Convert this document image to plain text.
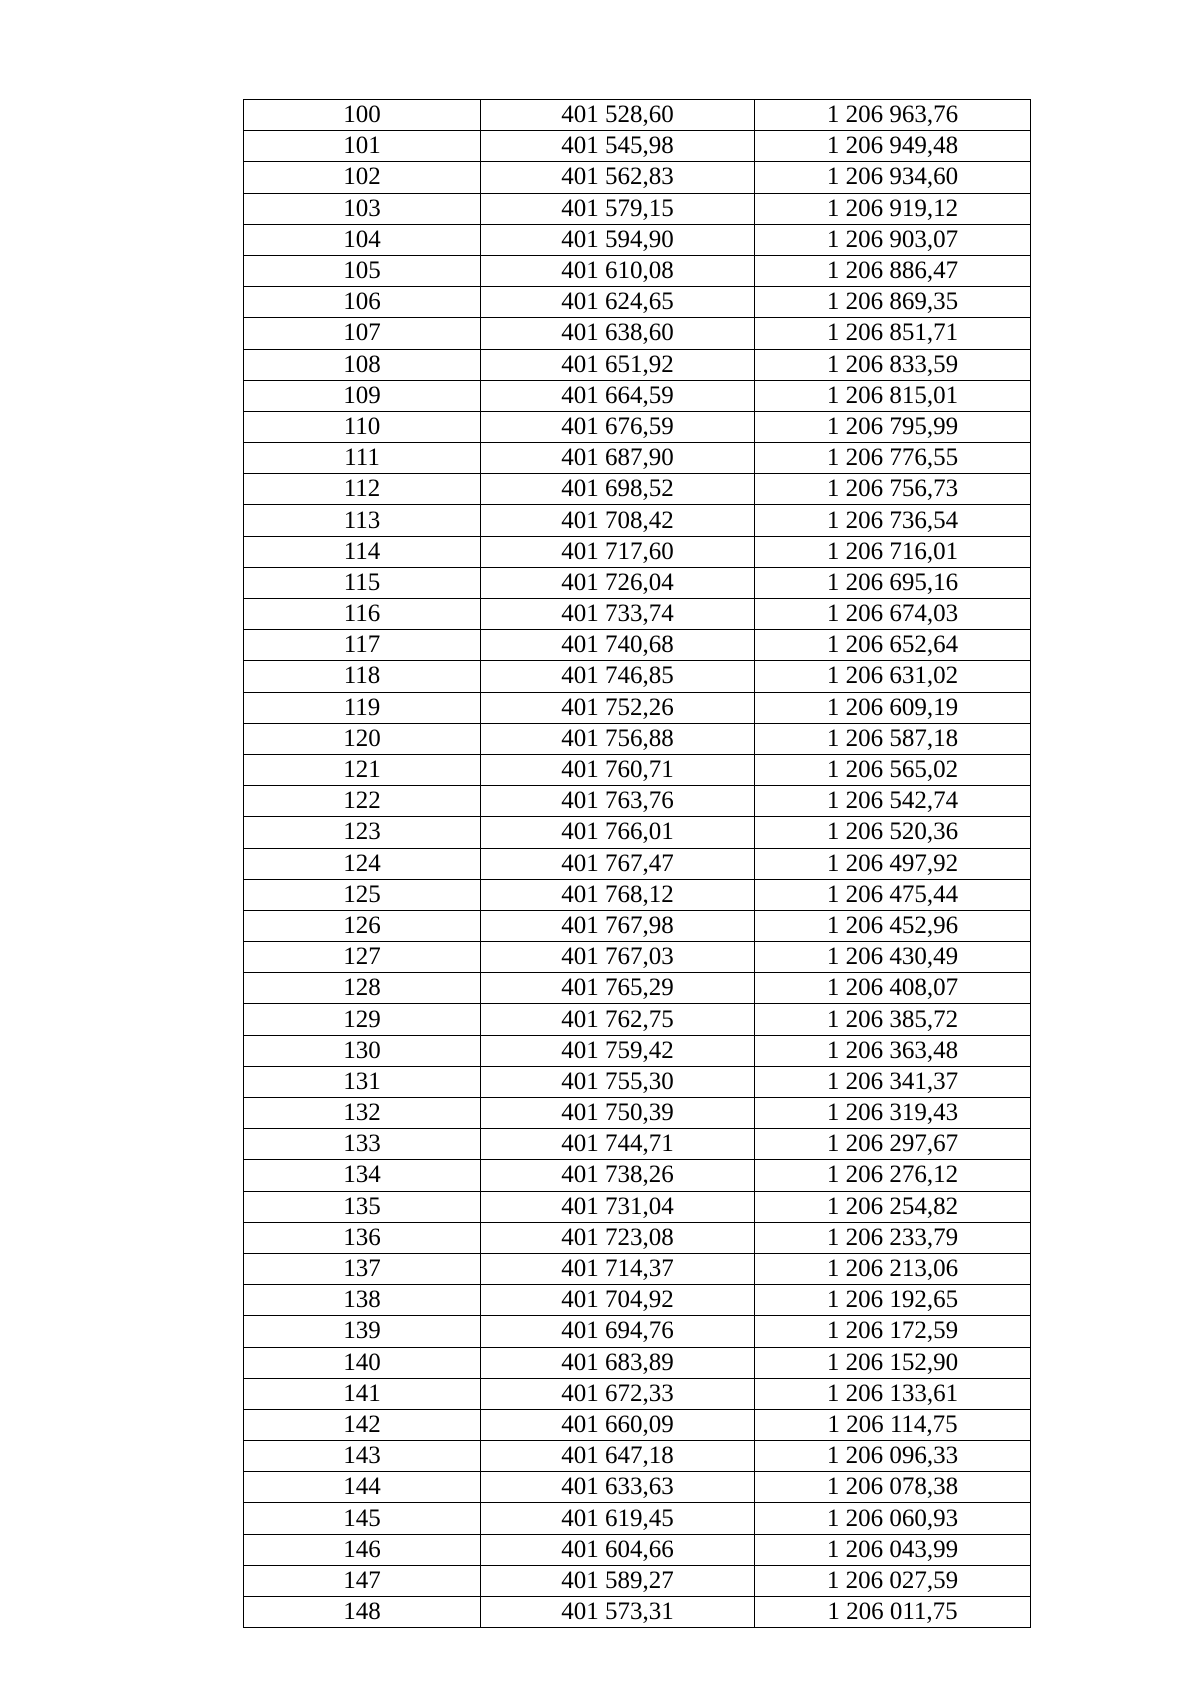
100	401 528,60	1 206 963,76
101	401 545,98	1 206 949,48
102	401 562,83	1 206 934,60
103	401 579,15	1 206 919,12
104	401 594,90	1 206 903,07
105	401 610,08	1 206 886,47
106	401 624,65	1 206 869,35
107	401 638,60	1 206 851,71
108	401 651,92	1 206 833,59
109	401 664,59	1 206 815,01
110	401 676,59	1 206 795,99
111	401 687,90	1 206 776,55
112	401 698,52	1 206 756,73
113	401 708,42	1 206 736,54
114	401 717,60	1 206 716,01
115	401 726,04	1 206 695,16
116	401 733,74	1 206 674,03
117	401 740,68	1 206 652,64
118	401 746,85	1 206 631,02
119	401 752,26	1 206 609,19
120	401 756,88	1 206 587,18
121	401 760,71	1 206 565,02
122	401 763,76	1 206 542,74
123	401 766,01	1 206 520,36
124	401 767,47	1 206 497,92
125	401 768,12	1 206 475,44
126	401 767,98	1 206 452,96
127	401 767,03	1 206 430,49
128	401 765,29	1 206 408,07
129	401 762,75	1 206 385,72
130	401 759,42	1 206 363,48
131	401 755,30	1 206 341,37
132	401 750,39	1 206 319,43
133	401 744,71	1 206 297,67
134	401 738,26	1 206 276,12
135	401 731,04	1 206 254,82
136	401 723,08	1 206 233,79
137	401 714,37	1 206 213,06
138	401 704,92	1 206 192,65
139	401 694,76	1 206 172,59
140	401 683,89	1 206 152,90
141	401 672,33	1 206 133,61
142	401 660,09	1 206 114,75
143	401 647,18	1 206 096,33
144	401 633,63	1 206 078,38
145	401 619,45	1 206 060,93
146	401 604,66	1 206 043,99
147	401 589,27	1 206 027,59
148	401 573,31	1 206 011,75
